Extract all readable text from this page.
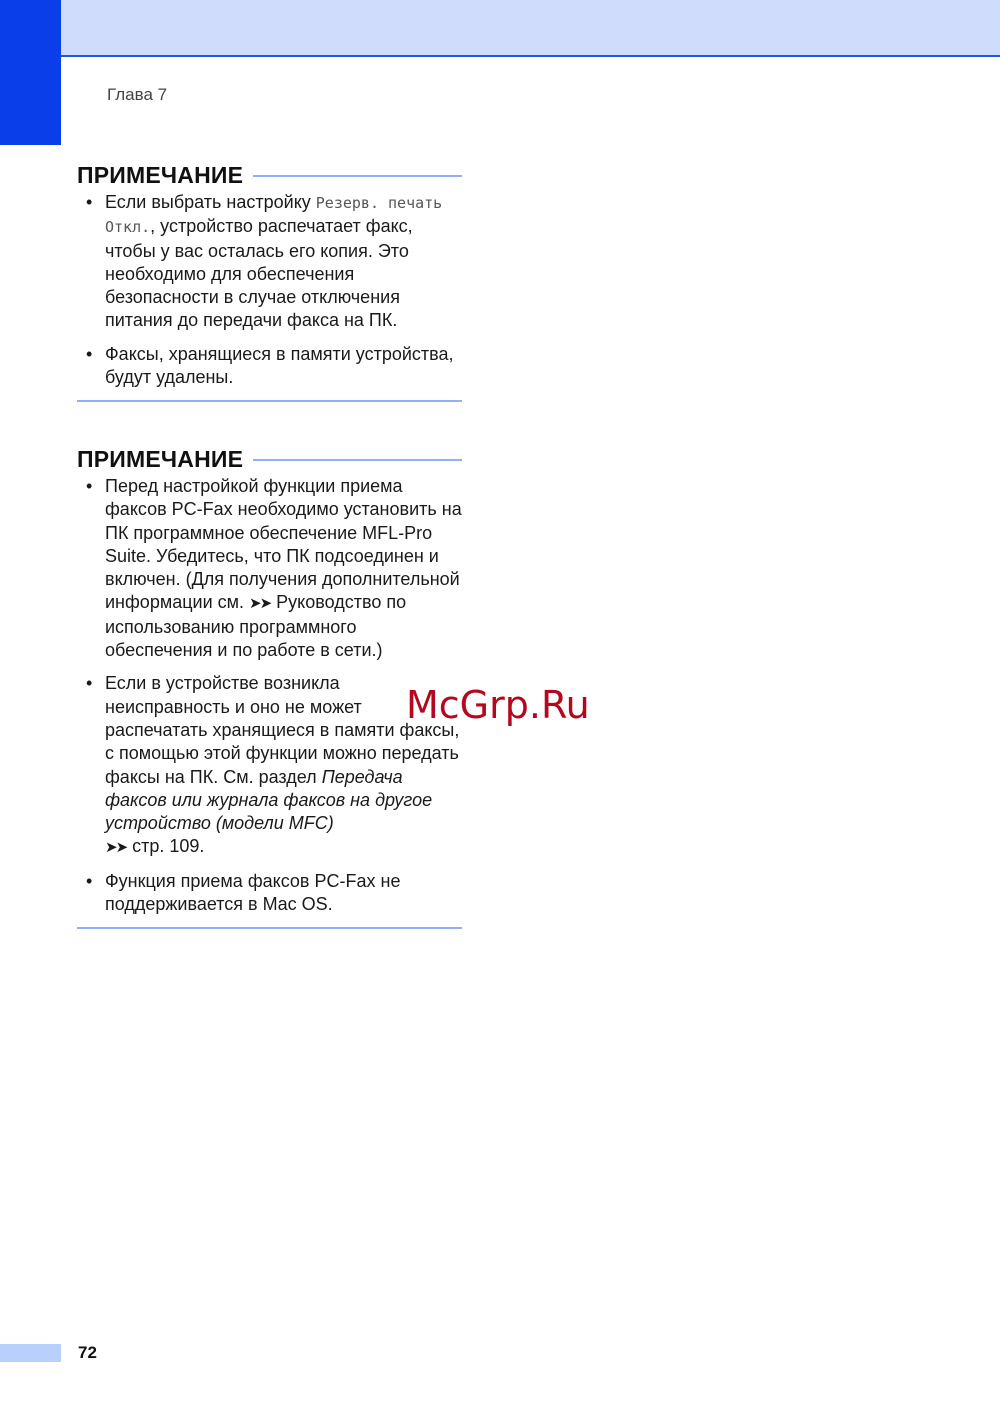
Глава 7
ПРИМЕЧАНИЕ
• Если выбрать настройку Резерв. печать Откл., устройство распечатает факс, чтобы у вас осталась его копия. Это необходимо для обеспечения безопасности в случае отключения питания до передачи факса на ПК.
• Факсы, хранящиеся в памяти устройства, будут удалены.
ПРИМЕЧАНИЕ
• Перед настройкой функции приема факсов PC-Fax необходимо установить на ПК программное обеспечение MFL-Pro Suite. Убедитесь, что ПК подсоединен и включен. (Для получения дополнительной информации см. ➤➤ Руководство по использованию программного обеспечения и по работе в сети.)
• Если в устройстве возникла неисправность и оно не может распечатать хранящиеся в памяти факсы, с помощью этой функции можно передать факсы на ПК. См. раздел Передача факсов или журнала факсов на другое устройство (модели MFC)
➤➤ стр. 109.
• Функция приема факсов PC-Fax не поддерживается в Mac OS.
McGrp.Ru
72
